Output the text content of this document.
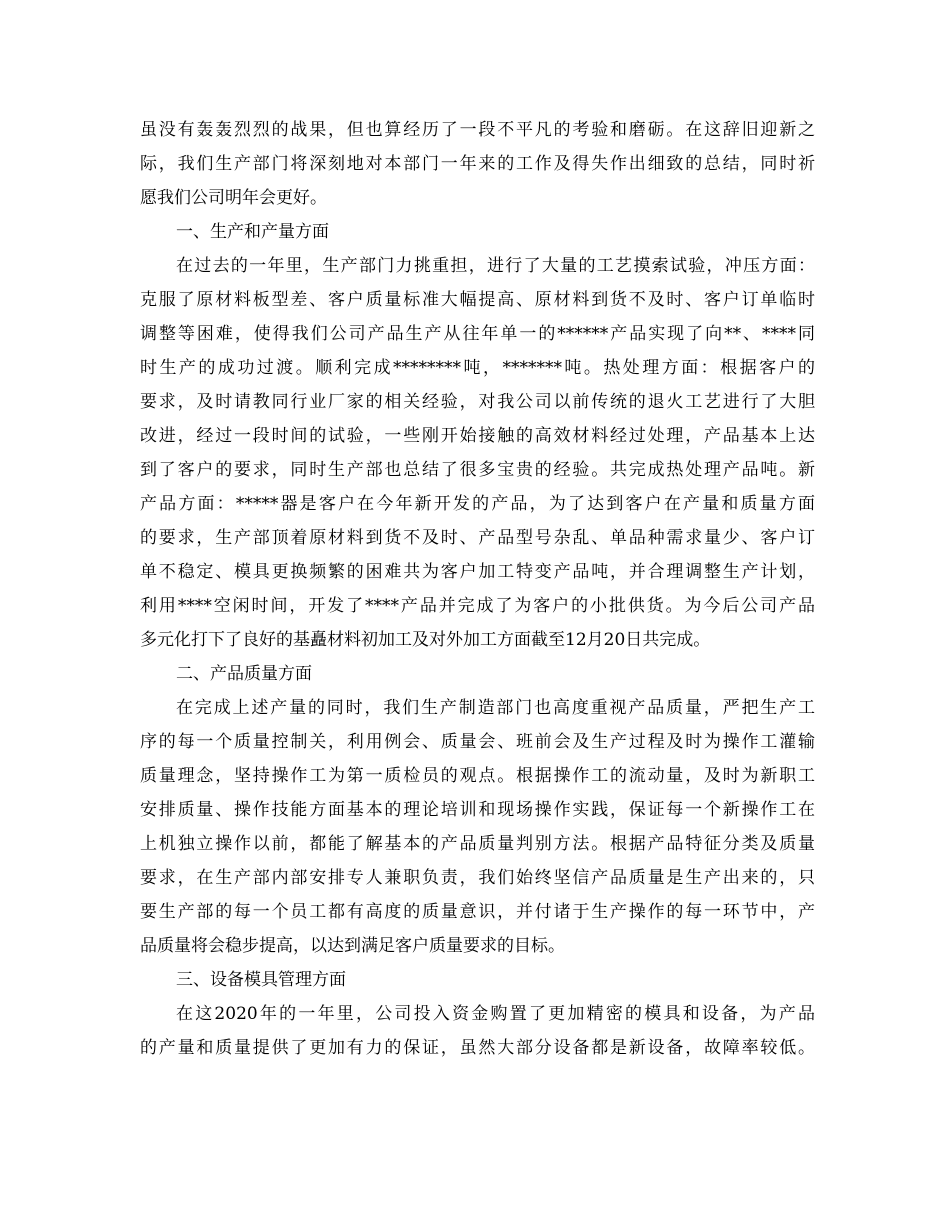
虽没有轰轰烈烈的战果，但也算经历了一段不平凡的考验和磨砺。在这辞旧迎新之
际，我们生产部门将深刻地对本部门一年来的工作及得失作出细致的总结，同时祈
愿我们公司明年会更好。
一、生产和产量方面
在过去的一年里，生产部门力挑重担，进行了大量的工艺摸索试验，冲压方面：
克服了原材料板型差、客户质量标准大幅提高、原材料到货不及时、客户订单临时
调整等困难，使得我们公司产品生产从往年单一的******产品实现了向**、****同
时生产的成功过渡。顺利完成********吨，*******吨。热处理方面：根据客户的
要求，及时请教同行业厂家的相关经验，对我公司以前传统的退火工艺进行了大胆
改进，经过一段时间的试验，一些刚开始接触的高效材料经过处理，产品基本上达
到了客户的要求，同时生产部也总结了很多宝贵的经验。共完成热处理产品吨。新
产品方面：*****器是客户在今年新开发的产品，为了达到客户在产量和质量方面
的要求，生产部顶着原材料到货不及时、产品型号杂乱、单品种需求量少、客户订
单不稳定、模具更换频繁的困难共为客户加工特变产品吨，并合理调整生产计划，
利用****空闲时间，开发了****产品并完成了为客户的小批供货。为今后公司产品
多元化打下了良好的基矗材料初加工及对外加工方面截至12月20日共完成。
二、产品质量方面
在完成上述产量的同时，我们生产制造部门也高度重视产品质量，严把生产工
序的每一个质量控制关，利用例会、质量会、班前会及生产过程及时为操作工灌输
质量理念，坚持操作工为第一质检员的观点。根据操作工的流动量，及时为新职工
安排质量、操作技能方面基本的理论培训和现场操作实践，保证每一个新操作工在
上机独立操作以前，都能了解基本的产品质量判别方法。根据产品特征分类及质量
要求，在生产部内部安排专人兼职负责，我们始终坚信产品质量是生产出来的，只
要生产部的每一个员工都有高度的质量意识，并付诸于生产操作的每一环节中，产
品质量将会稳步提高，以达到满足客户质量要求的目标。
三、设备模具管理方面
在这2020年的一年里，公司投入资金购置了更加精密的模具和设备，为产品
的产量和质量提供了更加有力的保证，虽然大部分设备都是新设备，故障率较低。
